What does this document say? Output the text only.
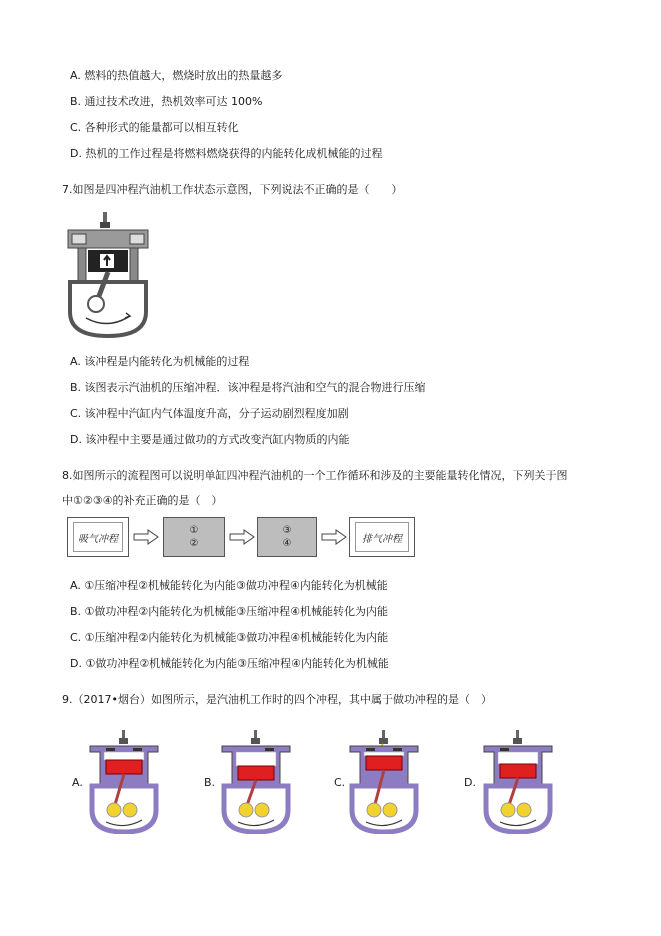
A. 燃料的热值越大，燃烧时放出的热量越多
B. 通过技术改进，热机效率可达 100%
C. 各种形式的能量都可以相互转化
D. 热机的工作过程是将燃料燃烧获得的内能转化成机械能的过程
7.如图是四冲程汽油机工作状态示意图，下列说法不正确的是（　　）
A. 该冲程是内能转化为机械能的过程
B. 该图表示汽油机的压缩冲程．该冲程是将汽油和空气的混合物进行压缩
C. 该冲程中汽缸内气体温度升高，分子运动剧烈程度加剧
D. 该冲程中主要是通过做功的方式改变汽缸内物质的内能
8.如图所示的流程图可以说明单缸四冲程汽油机的一个工作循环和涉及的主要能量转化情况，下列关于图
中①②③④的补充正确的是（　）
吸气冲程
①
②
③
④	排气冲程
A. ①压缩冲程②机械能转化为内能③做功冲程④内能转化为机械能
B. ①做功冲程②内能转化为机械能③压缩冲程④机械能转化为内能
C. ①压缩冲程②内能转化为机械能③做功冲程④机械能转化为内能
D. ①做功冲程②机械能转化为内能③压缩冲程④内能转化为机械能
9.（2017•烟台）如图所示，是汽油机工作时的四个冲程，其中属于做功冲程的是（　）
A.	B.	C.	D.
